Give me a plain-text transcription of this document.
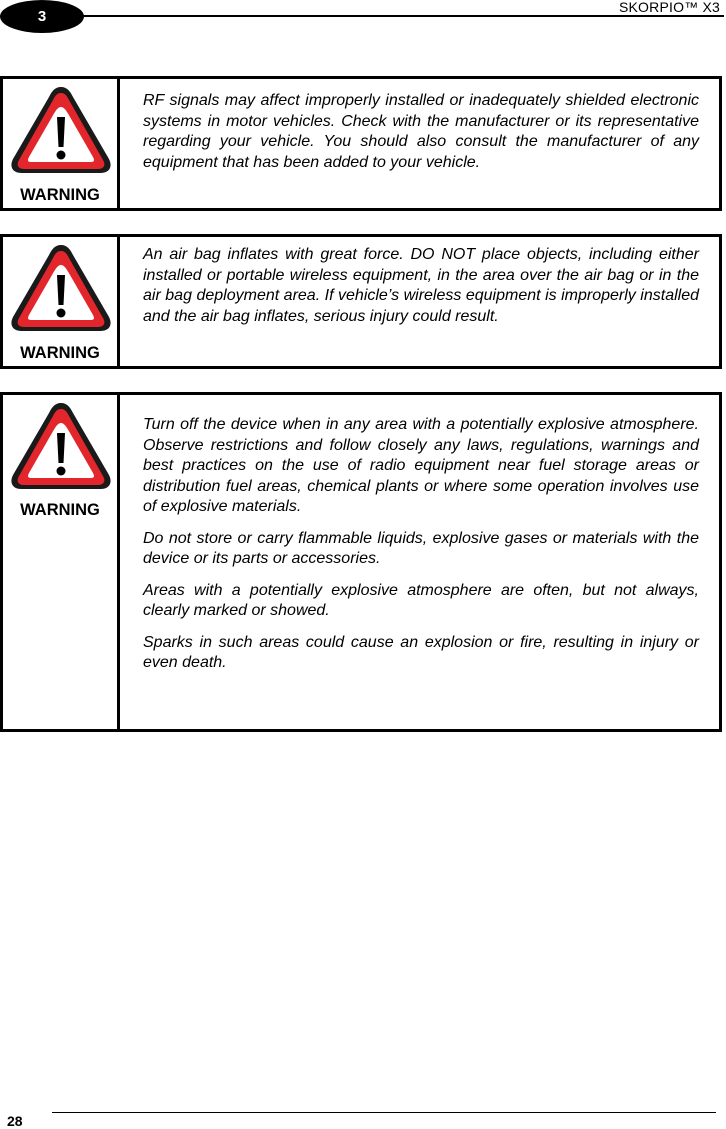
3
SKORPIO™ X3
WARNING

RF signals may affect improperly installed or inadequately shielded electronic systems in motor vehicles. Check with the manufacturer or its representative regarding your vehicle. You should also consult the manufacturer of any equipment that has been added to your vehicle.

WARNING

An air bag inflates with great force. DO NOT place objects, including either installed or portable wireless equipment, in the area over the air bag or in the air bag deployment area. If vehicle’s wireless equipment is improperly installed and the air bag inflates, serious injury could result.

WARNING

Turn off the device when in any area with a potentially explosive atmosphere. Observe restrictions and follow closely any laws, regulations, warnings and best practices on the use of radio equipment near fuel storage areas or distribution fuel areas, chemical plants or where some operation involves use of explosive materials.

Do not store or carry flammable liquids, explosive gases or materials with the device or its parts or accessories.

Areas with a potentially explosive atmosphere are often, but not always, clearly marked or showed.

Sparks in such areas could cause an explosion or fire, resulting in injury or even death.

28
